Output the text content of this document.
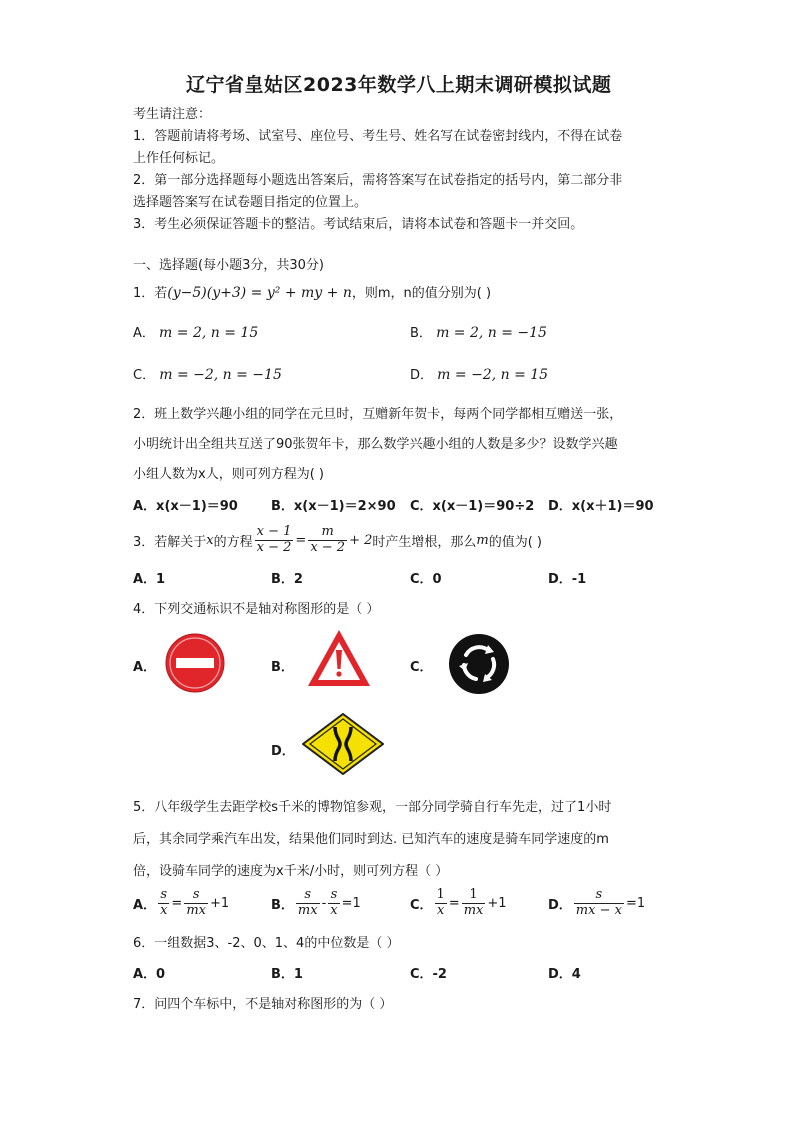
辽宁省皇姑区2023年数学八上期末调研模拟试题
考生请注意：
1．答题前请将考场、试室号、座位号、考生号、姓名写在试卷密封线内，不得在试卷
上作任何标记。
2．第一部分选择题每小题选出答案后，需将答案写在试卷指定的括号内，第二部分非
选择题答案写在试卷题目指定的位置上。
3．考生必须保证答题卡的整洁。考试结束后，请将本试卷和答题卡一并交回。
一、选择题(每小题3分，共30分)
1．若(y−5)(y+3) = y² + my + n，则m，n的值分别为( )
A． m = 2, n = 15	B． m = 2, n = −15
C． m = −2, n = −15	D． m = −2, n = 15
2．班上数学兴趣小组的同学在元旦时，互赠新年贺卡，每两个同学都相互赠送一张，
小明统计出全组共互送了90张贺年卡，那么数学兴趣小组的人数是多少？设数学兴趣
小组人数为x人，则可列方程为( )
A．x(x－1)＝90	B．x(x－1)＝2×90 C．x(x－1)＝90÷2 D．x(x＋1)＝90
3．若解关于 x 的方程 $\frac{x - 1}{x - 2} = \frac{m}{x - 2} + 2$ 时产生增根，那么 m 的值为( )
A．1	B．2	C．0	D．-1
4．下列交通标识不是轴对称图形的是（ ）
A．	B．	C．
D．
5．八年级学生去距学校s千米的博物馆参观，一部分同学骑自行车先走，过了1小时
后，其余同学乘汽车出发，结果他们同时到达. 已知汽车的速度是骑车同学速度的m
倍，设骑车同学的速度为x千米/小时，则可列方程（ ）
A． $\frac{s}{x} = \frac{s}{mx} +1$	B． $\frac{s}{mx} - \frac{s}{x} =1$	C． $\frac{1}{x} = \frac{1}{mx} +1$	D． $\frac{s}{mx - x} =1$
6．一组数据3、-2、0、1、4的中位数是（ ）
A．0	B．1	C．-2	D．4
7．问四个车标中，不是轴对称图形的为（ ）
